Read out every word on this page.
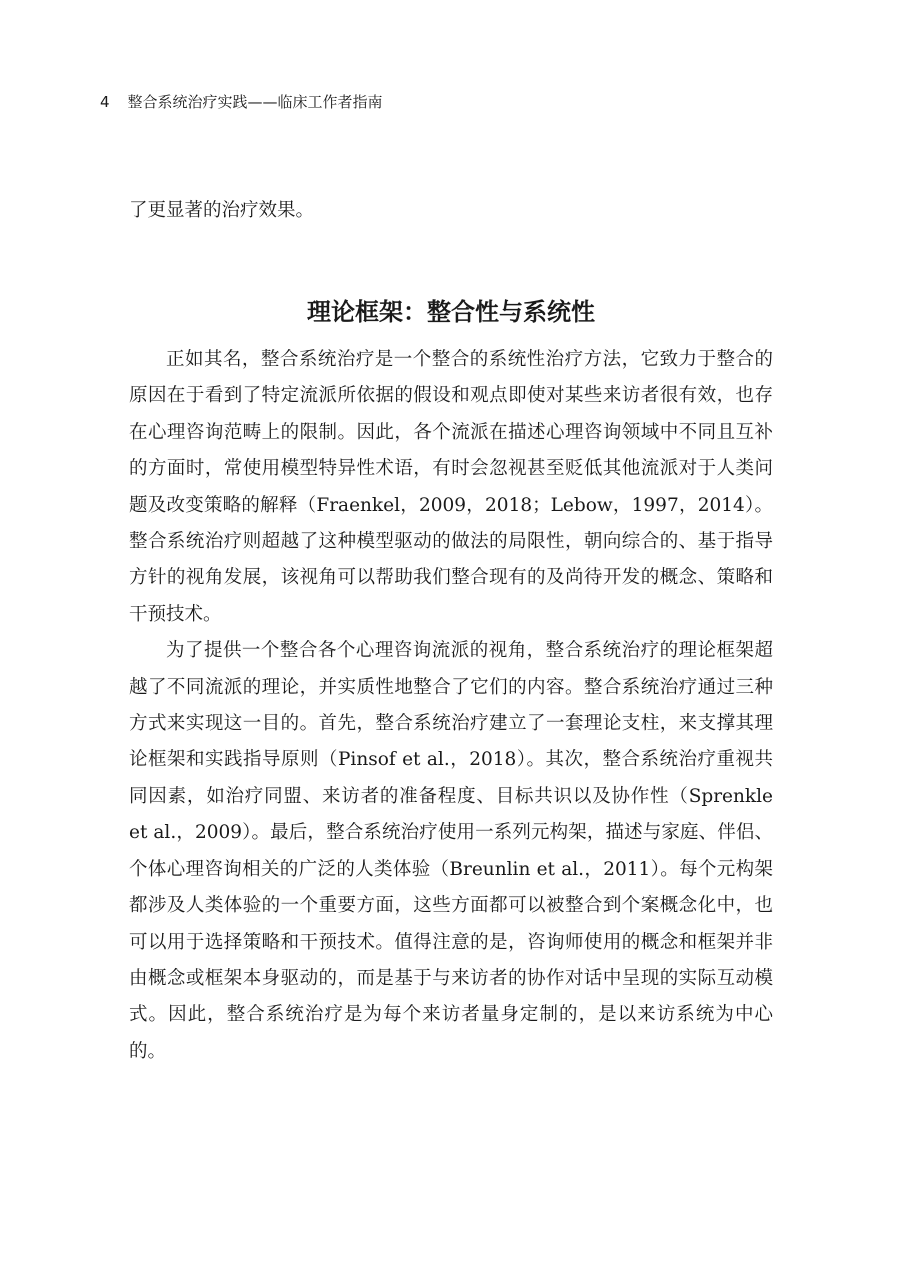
4 整合系统治疗实践——临床工作者指南
了更显著的治疗效果。
理论框架：整合性与系统性

正如其名，整合系统治疗是一个整合的系统性治疗方法，它致力于整合的原因在于看到了特定流派所依据的假设和观点即使对某些来访者很有效，也存在心理咨询范畴上的限制。因此，各个流派在描述心理咨询领域中不同且互补的方面时，常使用模型特异性术语，有时会忽视甚至贬低其他流派对于人类问题及改变策略的解释（Fraenkel，2009，2018；Lebow，1997，2014）。整合系统治疗则超越了这种模型驱动的做法的局限性，朝向综合的、基于指导方针的视角发展，该视角可以帮助我们整合现有的及尚待开发的概念、策略和干预技术。

为了提供一个整合各个心理咨询流派的视角，整合系统治疗的理论框架超越了不同流派的理论，并实质性地整合了它们的内容。整合系统治疗通过三种方式来实现这一目的。首先，整合系统治疗建立了一套理论支柱，来支撑其理论框架和实践指导原则（Pinsof et al.，2018）。其次，整合系统治疗重视共同因素，如治疗同盟、来访者的准备程度、目标共识以及协作性（Sprenkle et al.，2009）。最后，整合系统治疗使用一系列元构架，描述与家庭、伴侣、个体心理咨询相关的广泛的人类体验（Breunlin et al.，2011）。每个元构架都涉及人类体验的一个重要方面，这些方面都可以被整合到个案概念化中，也可以用于选择策略和干预技术。值得注意的是，咨询师使用的概念和框架并非由概念或框架本身驱动的，而是基于与来访者的协作对话中呈现的实际互动模式。因此，整合系统治疗是为每个来访者量身定制的，是以来访系统为中心的。
